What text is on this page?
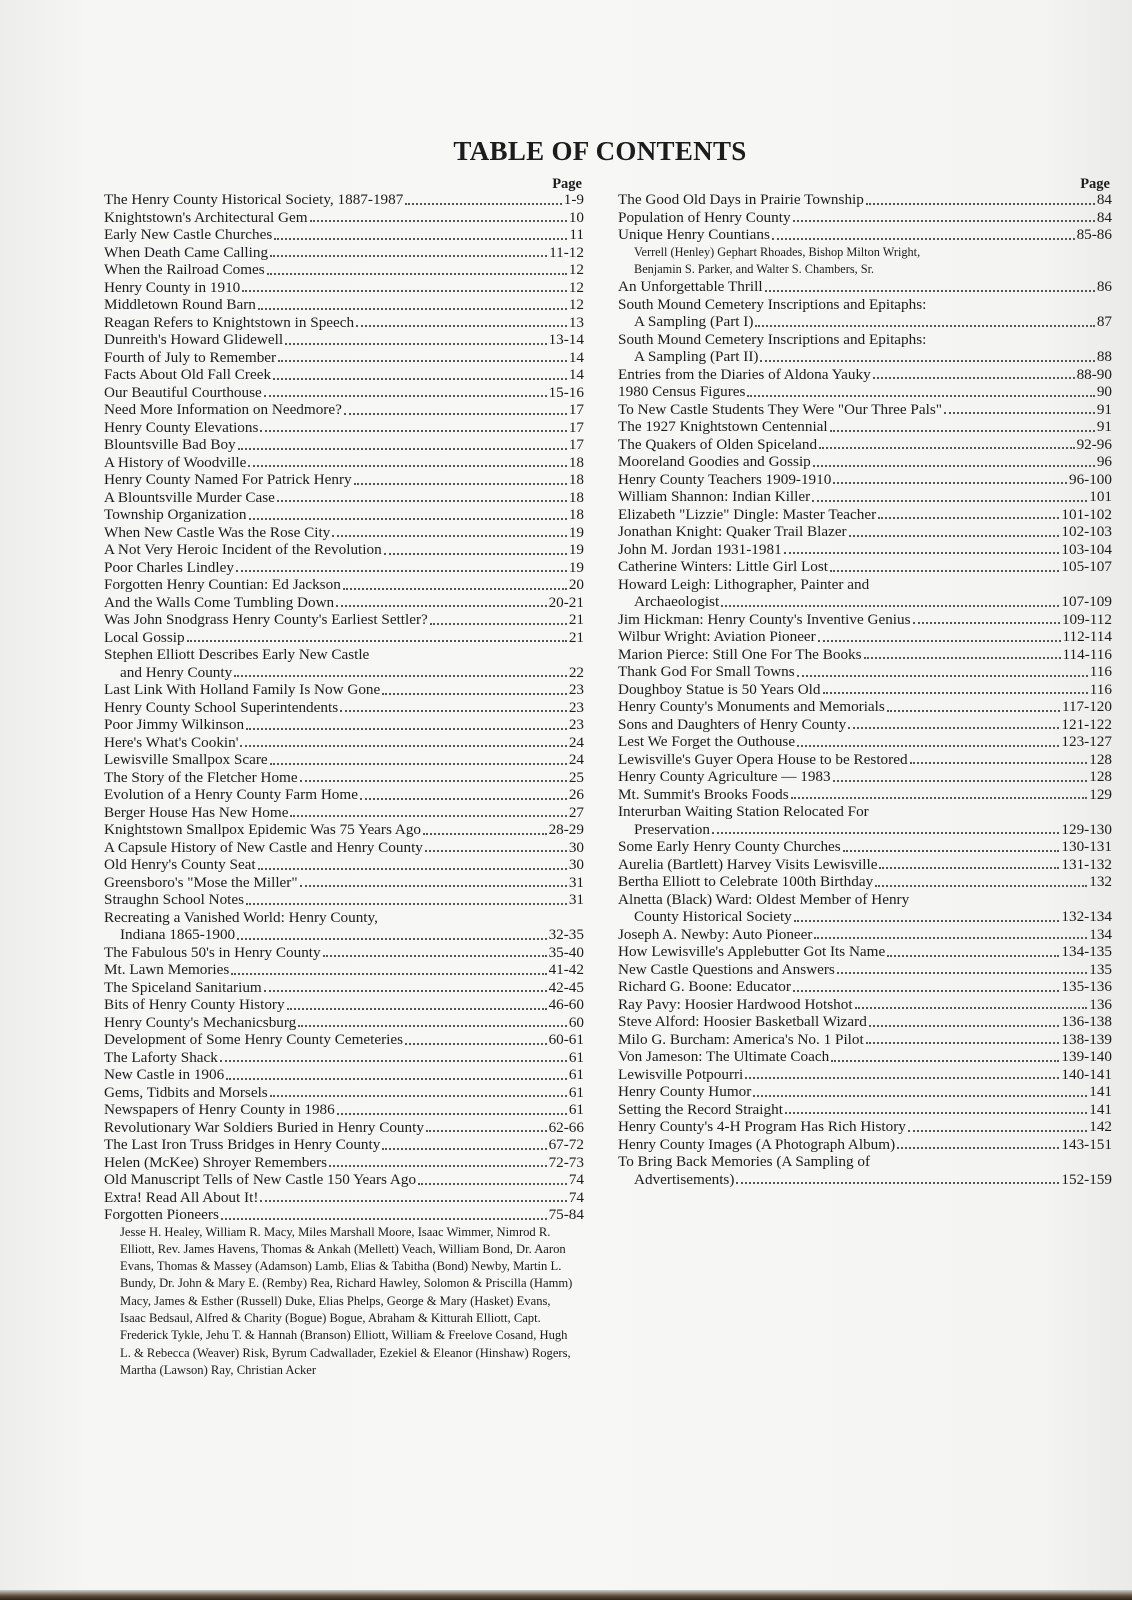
TABLE OF CONTENTS
Page
The Henry County Historical Society, 1887-1987	1-9
Knightstown's Architectural Gem	10
Early New Castle Churches	11
When Death Came Calling	11-12
When the Railroad Comes	12
Henry County in 1910	12
Middletown Round Barn	12
Reagan Refers to Knightstown in Speech	13
Dunreith's Howard Glidewell	13-14
Fourth of July to Remember	14
Facts About Old Fall Creek	14
Our Beautiful Courthouse	15-16
Need More Information on Needmore?	17
Henry County Elevations	17
Blountsville Bad Boy	17
A History of Woodville	18
Henry County Named For Patrick Henry	18
A Blountsville Murder Case	18
Township Organization	18
When New Castle Was the Rose City	19
A Not Very Heroic Incident of the Revolution	19
Poor Charles Lindley	19
Forgotten Henry Countian: Ed Jackson	20
And the Walls Come Tumbling Down	20-21
Was John Snodgrass Henry County's Earliest Settler?	21
Local Gossip	21
Stephen Elliott Describes Early New Castle
and Henry County	22
Last Link With Holland Family Is Now Gone	23
Henry County School Superintendents	23
Poor Jimmy Wilkinson	23
Here's What's Cookin'	24
Lewisville Smallpox Scare	24
The Story of the Fletcher Home	25
Evolution of a Henry County Farm Home	26
Berger House Has New Home	27
Knightstown Smallpox Epidemic Was 75 Years Ago	28-29
A Capsule History of New Castle and Henry County	30
Old Henry's County Seat	30
Greensboro's "Mose the Miller"	31
Straughn School Notes	31
Recreating a Vanished World: Henry County,
Indiana 1865-1900	32-35
The Fabulous 50's in Henry County	35-40
Mt. Lawn Memories	41-42
The Spiceland Sanitarium	42-45
Bits of Henry County History	46-60
Henry County's Mechanicsburg	60
Development of Some Henry County Cemeteries	60-61
The Laforty Shack	61
New Castle in 1906	61
Gems, Tidbits and Morsels	61
Newspapers of Henry County in 1986	61
Revolutionary War Soldiers Buried in Henry County	62-66
The Last Iron Truss Bridges in Henry County	67-72
Helen (McKee) Shroyer Remembers	72-73
Old Manuscript Tells of New Castle 150 Years Ago	74
Extra! Read All About It!	74
Forgotten Pioneers	75-84
Jesse H. Healey, William R. Macy, Miles Marshall Moore, Isaac Wimmer, Nimrod R. Elliott, Rev. James Havens, Thomas & Ankah (Mellett) Veach, William Bond, Dr. Aaron Evans, Thomas & Massey (Adamson) Lamb, Elias & Tabitha (Bond) Newby, Martin L. Bundy, Dr. John & Mary E. (Remby) Rea, Richard Hawley, Solomon & Priscilla (Hamm) Macy, James & Esther (Russell) Duke, Elias Phelps, George & Mary (Hasket) Evans, Isaac Bedsaul, Alfred & Charity (Bogue) Bogue, Abraham & Kitturah Elliott, Capt. Frederick Tykle, Jehu T. & Hannah (Branson) Elliott, William & Freelove Cosand, Hugh L. & Rebecca (Weaver) Risk, Byrum Cadwallader, Ezekiel & Eleanor (Hinshaw) Rogers, Martha (Lawson) Ray, Christian Acker
Page
The Good Old Days in Prairie Township	84
Population of Henry County	84
Unique Henry Countians	85-86
Verrell (Henley) Gephart Rhoades, Bishop Milton Wright,
Benjamin S. Parker, and Walter S. Chambers, Sr.
An Unforgettable Thrill	86
South Mound Cemetery Inscriptions and Epitaphs:
A Sampling (Part I)	87
South Mound Cemetery Inscriptions and Epitaphs:
A Sampling (Part II)	88
Entries from the Diaries of Aldona Yauky	88-90
1980 Census Figures	90
To New Castle Students They Were "Our Three Pals"	91
The 1927 Knightstown Centennial	91
The Quakers of Olden Spiceland	92-96
Mooreland Goodies and Gossip	96
Henry County Teachers 1909-1910	96-100
William Shannon: Indian Killer	101
Elizabeth "Lizzie" Dingle: Master Teacher	101-102
Jonathan Knight: Quaker Trail Blazer	102-103
John M. Jordan 1931-1981	103-104
Catherine Winters: Little Girl Lost	105-107
Howard Leigh: Lithographer, Painter and
Archaeologist	107-109
Jim Hickman: Henry County's Inventive Genius	109-112
Wilbur Wright: Aviation Pioneer	112-114
Marion Pierce: Still One For The Books	114-116
Thank God For Small Towns	116
Doughboy Statue is 50 Years Old	116
Henry County's Monuments and Memorials	117-120
Sons and Daughters of Henry County	121-122
Lest We Forget the Outhouse	123-127
Lewisville's Guyer Opera House to be Restored	128
Henry County Agriculture — 1983	128
Mt. Summit's Brooks Foods	129
Interurban Waiting Station Relocated For
Preservation	129-130
Some Early Henry County Churches	130-131
Aurelia (Bartlett) Harvey Visits Lewisville	131-132
Bertha Elliott to Celebrate 100th Birthday	132
Alnetta (Black) Ward: Oldest Member of Henry
County Historical Society	132-134
Joseph A. Newby: Auto Pioneer	134
How Lewisville's Applebutter Got Its Name	134-135
New Castle Questions and Answers	135
Richard G. Boone: Educator	135-136
Ray Pavy: Hoosier Hardwood Hotshot	136
Steve Alford: Hoosier Basketball Wizard	136-138
Milo G. Burcham: America's No. 1 Pilot	138-139
Von Jameson: The Ultimate Coach	139-140
Lewisville Potpourri	140-141
Henry County Humor	141
Setting the Record Straight	141
Henry County's 4-H Program Has Rich History	142
Henry County Images (A Photograph Album)	143-151
To Bring Back Memories (A Sampling of
Advertisements)	152-159
